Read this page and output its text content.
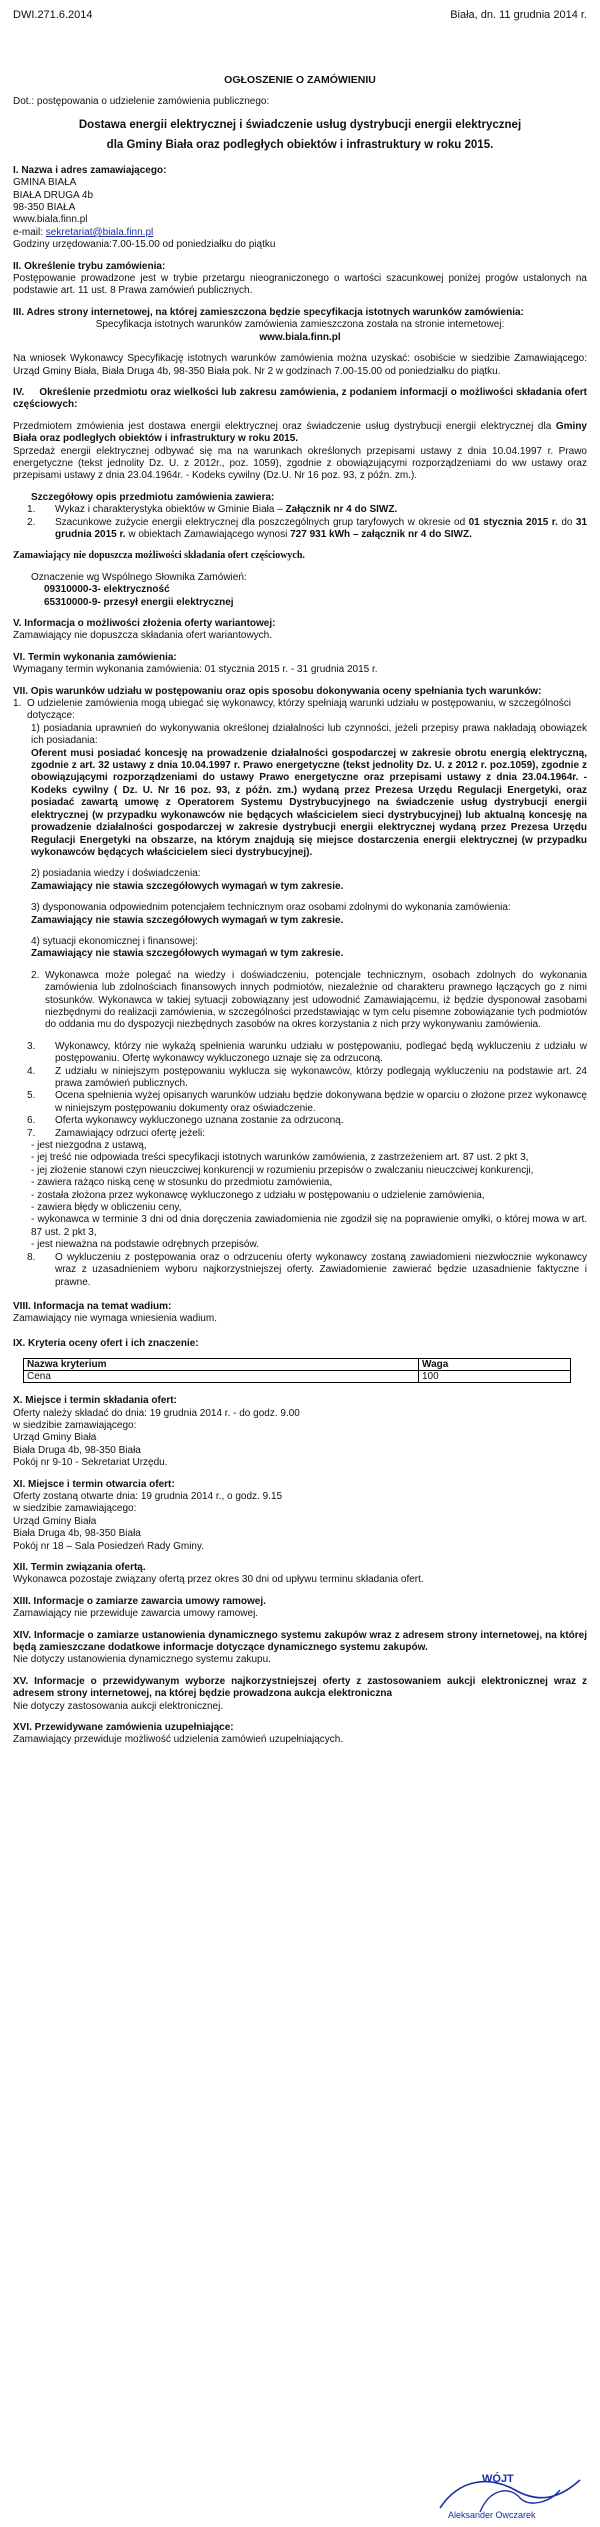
DWI.271.6.2014	Biała, dn. 11 grudnia 2014 r.
OGŁOSZENIE O ZAMÓWIENIU

Dot.: postępowania o udzielenie zamówienia publicznego:

Dostawa energii elektrycznej i świadczenie usług dystrybucji energii elektrycznej
dla Gminy Biała oraz podległych obiektów i infrastruktury w roku 2015.
I. Nazwa i adres zamawiającego:

GMINA BIAŁA

BIAŁA DRUGA 4b

98-350 BIAŁA

www.biala.finn.pl

e-mail: sekretariat@biala.finn.pl

Godziny urzędowania:7.00-15.00 od poniedziałku do piątku

II. Określenie trybu zamówienia:

Postępowanie prowadzone jest w trybie przetargu nieograniczonego o wartości szacunkowej poniżej progów ustalonych na podstawie art. 11 ust. 8 Prawa zamówień publicznych.

III. Adres strony internetowej, na której zamieszczona będzie specyfikacja istotnych warunków zamówienia:

Specyfikacja istotnych warunków zamówienia zamieszczona została na stronie internetowej:

www.biala.finn.pl

Na wniosek Wykonawcy Specyfikację istotnych warunków zamówienia można uzyskać: osobiście w siedzibie Zamawiającego: Urząd Gminy Biała, Biała Druga 4b, 98-350 Biała pok. Nr 2 w godzinach 7.00-15.00 od poniedziałku do piątku.

IV. Określenie przedmiotu oraz wielkości lub zakresu zamówienia, z podaniem informacji o możliwości składania ofert częściowych:

Przedmiotem zmówienia jest dostawa energii elektrycznej oraz świadczenie usług dystrybucji energii elektrycznej dla Gminy Biała oraz podległych obiektów i infrastruktury w roku 2015.

Sprzedaż energii elektrycznej odbywać się ma na warunkach określonych przepisami ustawy z dnia 10.04.1997 r. Prawo energetyczne (tekst jednolity Dz. U. z 2012r., poz. 1059), zgodnie z obowiązującymi rozporządzeniami do ww ustawy oraz przepisami ustawy z dnia 23.04.1964r. - Kodeks cywilny (Dz.U. Nr 16 poz. 93, z późn. zm.).

Szczegółowy opis przedmiotu zamówienia zawiera:

1.	Wykaz i charakterystyka obiektów w Gminie Biała – Załącznik nr 4 do SIWZ.
2.	Szacunkowe zużycie energii elektrycznej dla poszczególnych grup taryfowych w okresie od 01 stycznia 2015 r. do 31 grudnia 2015 r. w obiektach Zamawiającego wynosi 727 931 kWh – załącznik nr 4 do SIWZ.

Zamawiający nie dopuszcza możliwości składania ofert częściowych.

Oznaczenie wg Wspólnego Słownika Zamówień:

09310000-3- elektryczność

65310000-9- przesył energii elektrycznej

V. Informacja o możliwości złożenia oferty wariantowej:

Zamawiający nie dopuszcza składania ofert wariantowych.

VI. Termin wykonania zamówienia:

Wymagany termin wykonania zamówienia: 01 stycznia 2015 r. - 31 grudnia 2015 r.

VII. Opis warunków udziału w postępowaniu oraz opis sposobu dokonywania oceny spełniania tych warunków:
1. O udzielenie zamówienia mogą ubiegać się wykonawcy, którzy spełniają warunki udziału w postępowaniu, w szczególności dotyczące:

1) posiadania uprawnień do wykonywania określonej działalności lub czynności, jeżeli przepisy prawa nakładają obowiązek ich posiadania:

Oferent musi posiadać koncesję na prowadzenie działalności gospodarczej w zakresie obrotu energią elektryczną, zgodnie z art. 32 ustawy z dnia 10.04.1997 r. Prawo energetyczne (tekst jednolity Dz. U. z 2012 r. poz.1059), zgodnie z obowiązującymi rozporządzeniami do ustawy Prawo energetyczne oraz przepisami ustawy z dnia 23.04.1964r. - Kodeks cywilny ( Dz. U. Nr 16 poz. 93, z późn. zm.) wydaną przez Prezesa Urzędu Regulacji Energetyki, oraz posiadać zawartą umowę z Operatorem Systemu Dystrybucyjnego na świadczenie usług dystrybucji energii elektrycznej (w przypadku wykonawców nie będących właścicielem sieci dystrybucyjnej) lub aktualną koncesję na prowadzenie działalności gospodarczej w zakresie dystrybucji energii elektrycznej wydaną przez Prezesa Urzędu Regulacji Energetyki na obszarze, na którym znajdują się miejsce dostarczenia energii elektrycznej (w przypadku wykonawców będących właścicielem sieci dystrybucyjnej).

2) posiadania wiedzy i doświadczenia:

Zamawiający nie stawia szczegółowych wymagań w tym zakresie.

3) dysponowania odpowiednim potencjałem technicznym oraz osobami zdolnymi do wykonania zamówienia:

Zamawiający nie stawia szczegółowych wymagań w tym zakresie.

4) sytuacji ekonomicznej i finansowej:

Zamawiający nie stawia szczegółowych wymagań w tym zakresie.

2. Wykonawca może polegać na wiedzy i doświadczeniu, potencjale technicznym, osobach zdolnych do wykonania zamówienia lub zdolnościach finansowych innych podmiotów, niezależnie od charakteru prawnego łączących go z nimi stosunków. Wykonawca w takiej sytuacji zobowiązany jest udowodnić Zamawiającemu, iż będzie dysponował zasobami niezbędnymi do realizacji zamówienia, w szczególności przedstawiając w tym celu pisemne zobowiązanie tych podmiotów do oddania mu do dyspozycji niezbędnych zasobów na okres korzystania z nich przy wykonywaniu zamówienia.
3.	Wykonawcy, którzy nie wykażą spełnienia warunku udziału w postępowaniu, podlegać będą wykluczeniu z udziału w postępowaniu. Ofertę wykonawcy wykluczonego uznaje się za odrzuconą.
4.	Z udziału w niniejszym postępowaniu wyklucza się wykonawców, którzy podlegają wykluczeniu na podstawie art. 24 prawa zamówień publicznych.
5.	Ocena spełnienia wyżej opisanych warunków udziału będzie dokonywana będzie w oparciu o złożone przez wykonawcę w niniejszym postępowaniu dokumenty oraz oświadczenie.
6.	Oferta wykonawcy wykluczonego uznana zostanie za odrzuconą.
7.	Zamawiający odrzuci ofertę jeżeli:

- jest niezgodna z ustawą,

- jej treść nie odpowiada treści specyfikacji istotnych warunków zamówienia, z zastrzeżeniem art. 87 ust. 2 pkt 3,

- jej złożenie stanowi czyn nieuczciwej konkurencji w rozumieniu przepisów o zwalczaniu nieuczciwej konkurencji,

- zawiera rażąco niską cenę w stosunku do przedmiotu zamówienia,

- została złożona przez wykonawcę wykluczonego z udziału w postępowaniu o udzielenie zamówienia,

- zawiera błędy w obliczeniu ceny,

- wykonawca w terminie 3 dni od dnia doręczenia zawiadomienia nie zgodził się na poprawienie omyłki, o której mowa w art. 87 ust. 2 pkt 3,

- jest nieważna na podstawie odrębnych przepisów.

8.	O wykluczeniu z postępowania oraz o odrzuceniu oferty wykonawcy zostaną zawiadomieni niezwłocznie wykonawcy wraz z uzasadnieniem wyboru najkorzystniejszej oferty. Zawiadomienie zawierać będzie uzasadnienie faktyczne i prawne.
VIII. Informacja na temat wadium:

Zamawiający nie wymaga wniesienia wadium.

IX. Kryteria oceny ofert i ich znaczenie:
Nazwa kryterium	Waga
Cena	100
X. Miejsce i termin składania ofert:

Oferty należy składać do dnia: 19 grudnia 2014 r. - do godz. 9.00

w siedzibie zamawiającego:

Urząd Gminy Biała

Biała Druga 4b, 98-350 Biała

Pokój nr 9-10 - Sekretariat Urzędu.

XI. Miejsce i termin otwarcia ofert:

Oferty zostaną otwarte dnia: 19 grudnia 2014 r., o godz. 9.15

w siedzibie zamawiającego:

Urząd Gminy Biała

Biała Druga 4b, 98-350 Biała

Pokój nr 18 – Sala Posiedzeń Rady Gminy.

XII. Termin związania ofertą.

Wykonawca pozostaje związany ofertą przez okres 30 dni od upływu terminu składania ofert.

XIII. Informacje o zamiarze zawarcia umowy ramowej.

Zamawiający nie przewiduje zawarcia umowy ramowej.

XIV. Informacje o zamiarze ustanowienia dynamicznego systemu zakupów wraz z adresem strony internetowej, na której będą zamieszczane dodatkowe informacje dotyczące dynamicznego systemu zakupów.

Nie dotyczy ustanowienia dynamicznego systemu zakupu.

XV. Informacje o przewidywanym wyborze najkorzystniejszej oferty z zastosowaniem aukcji elektronicznej wraz z adresem strony internetowej, na której będzie prowadzona aukcja elektroniczna

Nie dotyczy zastosowania aukcji elektronicznej.

XVI. Przewidywane zamówienia uzupełniające:

Zamawiający przewiduje możliwość udzielenia zamówień uzupełniających.

WÓJT
Aleksander Owczarek
